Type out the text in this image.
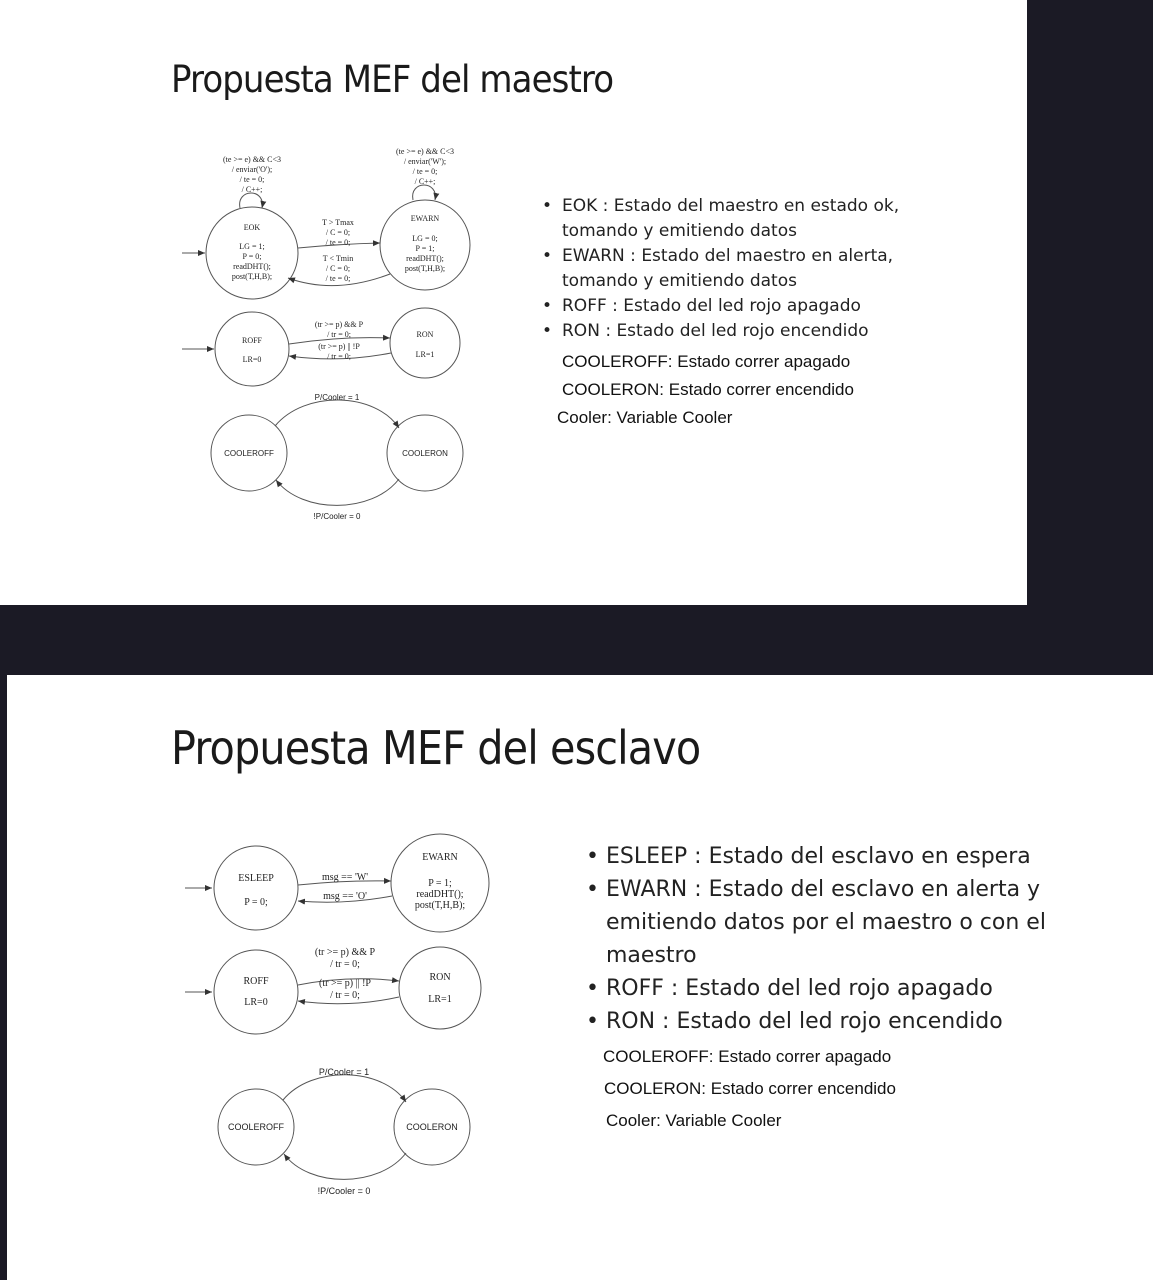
Propuesta MEF del maestro
(te >= e) && C<3
/ enviar('O');
/ te = 0;
/ C++;
(te >= e) && C<3
/ enviar('W');
/ te = 0;
/ C++;
EOK
LG = 1;
P = 0;
readDHT();
post(T,H,B);
EWARN
LG = 0;
P = 1;
readDHT();
post(T,H,B);
T > Tmax
/ C = 0;
/ te = 0;
T < Tmin
/ C = 0;
/ te = 0;
ROFF
LR=0
RON
LR=1
(tr >= p) && P
/ tr = 0;
(tr >= p) || !P
/ tr = 0;
COOLEROFF	COOLERON
P/Cooler = 1
!P/Cooler = 0
• EOK : Estado del maestro en estado ok, tomando y emitiendo datos
• EWARN : Estado del maestro en alerta, tomando y emitiendo datos
• ROFF : Estado del led rojo apagado
• RON : Estado del led rojo encendido
COOLEROFF: Estado correr apagado
COOLERON: Estado correr encendido
Cooler: Variable Cooler
Propuesta MEF del esclavo
ESLEEP
P = 0;
EWARN
P = 1;
readDHT();
post(T,H,B);
msg == 'W'
msg == 'O'
ROFF
LR=0
RON
LR=1
(tr >= p) && P
/ tr = 0;
(tr >= p) || !P
/ tr = 0;
COOLEROFF	COOLERON
P/Cooler = 1
!P/Cooler = 0
• ESLEEP : Estado del esclavo en espera
• EWARN : Estado del esclavo en alerta y emitiendo datos por el maestro o con el maestro
• ROFF : Estado del led rojo apagado
• RON : Estado del led rojo encendido
COOLEROFF: Estado correr apagado
COOLERON: Estado correr encendido
Cooler: Variable Cooler
